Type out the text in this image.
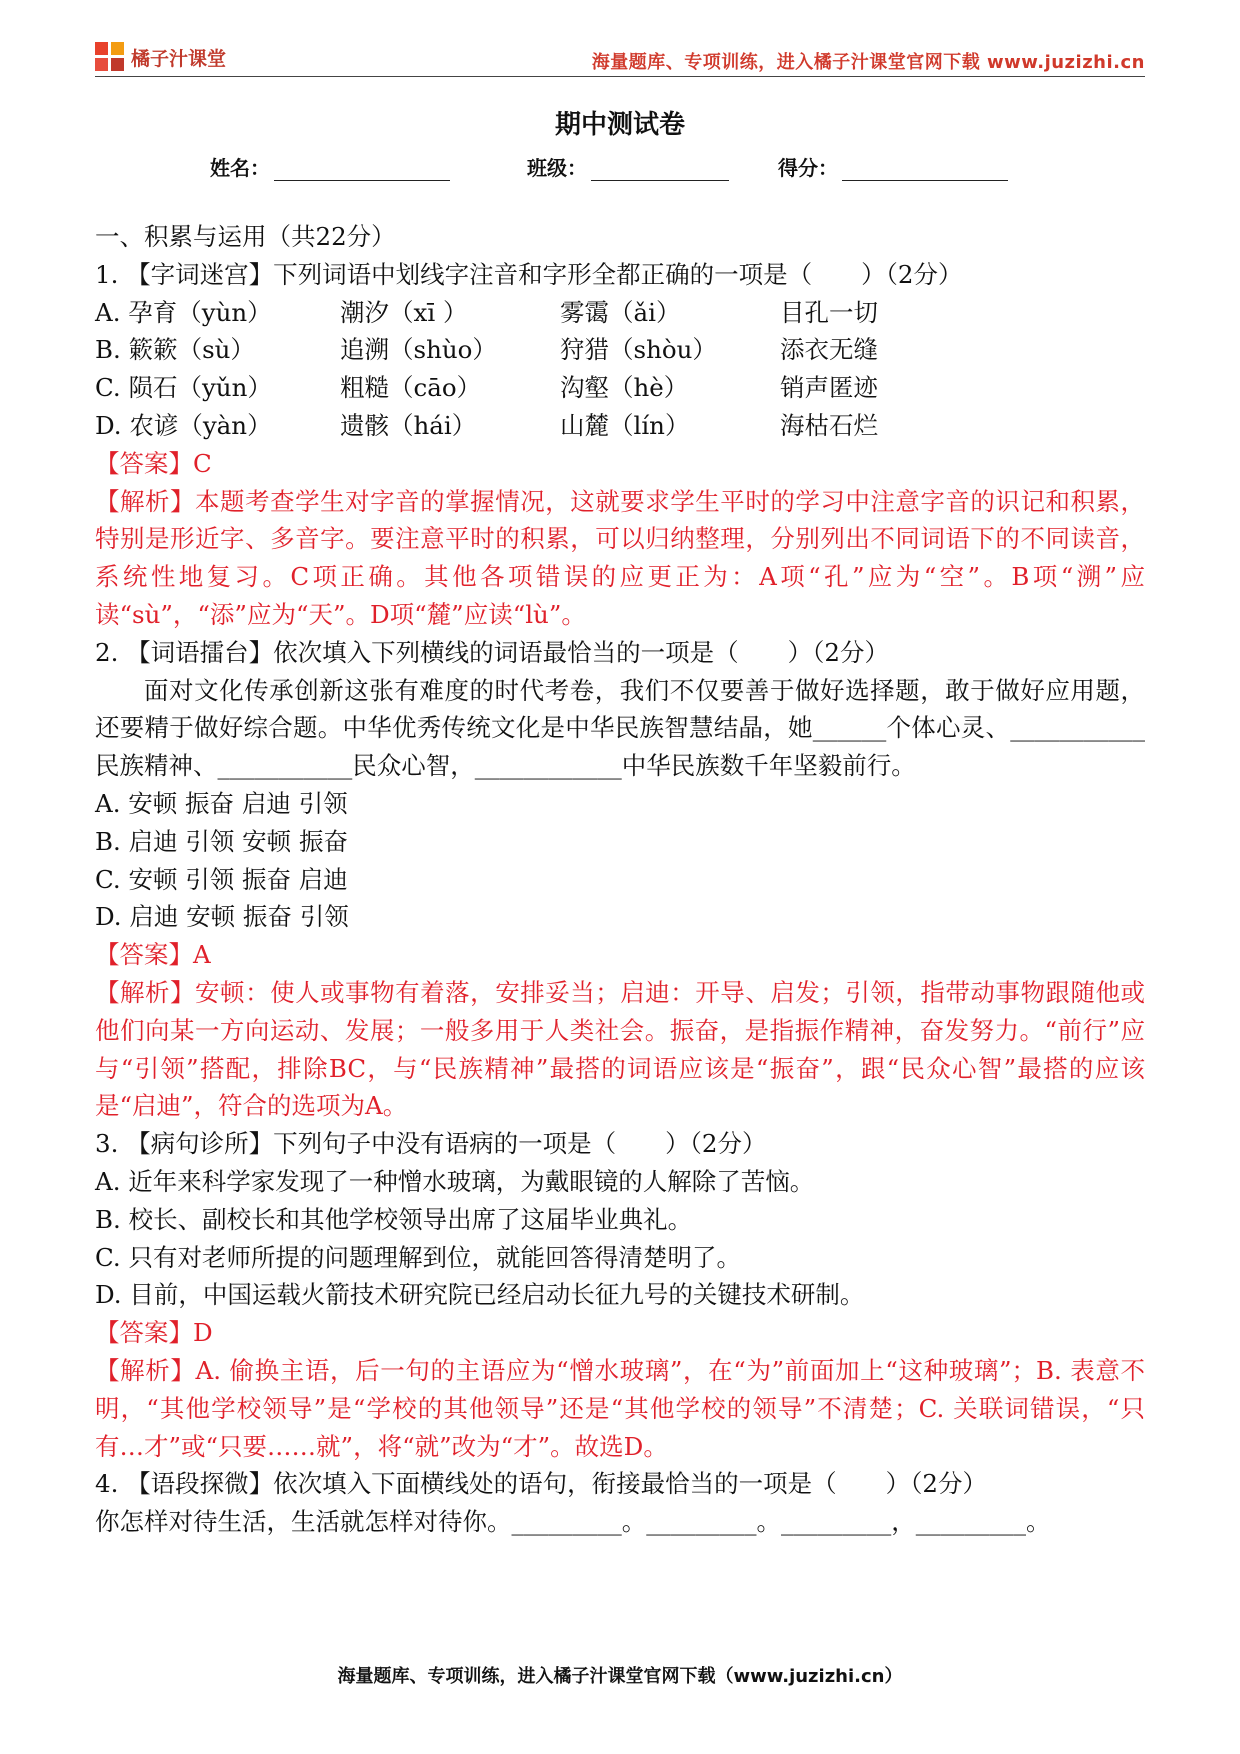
橘子汁课堂	海量题库、专项训练，进入橘子汁课堂官网下载 www.juzizhi.cn
期中测试卷
姓名：	班级：	得分：

一、积累与运用（共22分）

1. 【字词迷宫】下列词语中划线字注音和字形全都正确的一项是（　　）（2分）

A. 孕育（yùn）	潮汐（xī ）	雾霭（ǎi）	目孔一切

B. 簌簌（sù）	追溯（shùo）	狩猎（shòu）	添衣无缝

C. 陨石（yǔn）	粗糙（cāo）	沟壑（hè）	销声匿迹

D. 农谚（yàn）	遗骸（hái）	山麓（lín）	海枯石烂

【答案】C

【解析】本题考查学生对字音的掌握情况，这就要求学生平时的学习中注意字音的识记和积累，特别是形近字、多音字。要注意平时的积累，可以归纳整理，分别列出不同词语下的不同读音，系统性地复习。C项正确。其他各项错误的应更正为：A项“孔”应为“空”。B项“溯”应读“sù”，“添”应为“天”。D项“麓”应读“lù”。

2. 【词语擂台】依次填入下列横线的词语最恰当的一项是（　　）（2分）

面对文化传承创新这张有难度的时代考卷，我们不仅要善于做好选择题，敢于做好应用题，还要精于做好综合题。中华优秀传统文化是中华民族智慧结晶，她______个体心灵、___________民族精神、___________民众心智，____________中华民族数千年坚毅前行。

A. 安顿 振奋 启迪 引领

B. 启迪 引领 安顿 振奋

C. 安顿 引领 振奋 启迪

D. 启迪 安顿 振奋 引领

【答案】A

【解析】安顿：使人或事物有着落，安排妥当；启迪：开导、启发；引领，指带动事物跟随他或他们向某一方向运动、发展；一般多用于人类社会。振奋，是指振作精神，奋发努力。“前行”应与“引领”搭配，排除BC，与“民族精神”最搭的词语应该是“振奋”，跟“民众心智”最搭的应该是“启迪”，符合的选项为A。

3. 【病句诊所】下列句子中没有语病的一项是（　　）（2分）

A. 近年来科学家发现了一种憎水玻璃，为戴眼镜的人解除了苦恼。

B. 校长、副校长和其他学校领导出席了这届毕业典礼。

C. 只有对老师所提的问题理解到位，就能回答得清楚明了。

D. 目前，中国运载火箭技术研究院已经启动长征九号的关键技术研制。

【答案】D

【解析】A. 偷换主语，后一句的主语应为“憎水玻璃”，在“为”前面加上“这种玻璃”；B. 表意不明，“其他学校领导”是“学校的其他领导”还是“其他学校的领导”不清楚；C. 关联词错误，“只有…才”或“只要……就”，将“就”改为“才”。故选D。

4. 【语段探微】依次填入下面横线处的语句，衔接最恰当的一项是（　　）（2分）

你怎样对待生活，生活就怎样对待你。_________。_________。_________，_________。

海量题库、专项训练，进入橘子汁课堂官网下载（www.juzizhi.cn）
